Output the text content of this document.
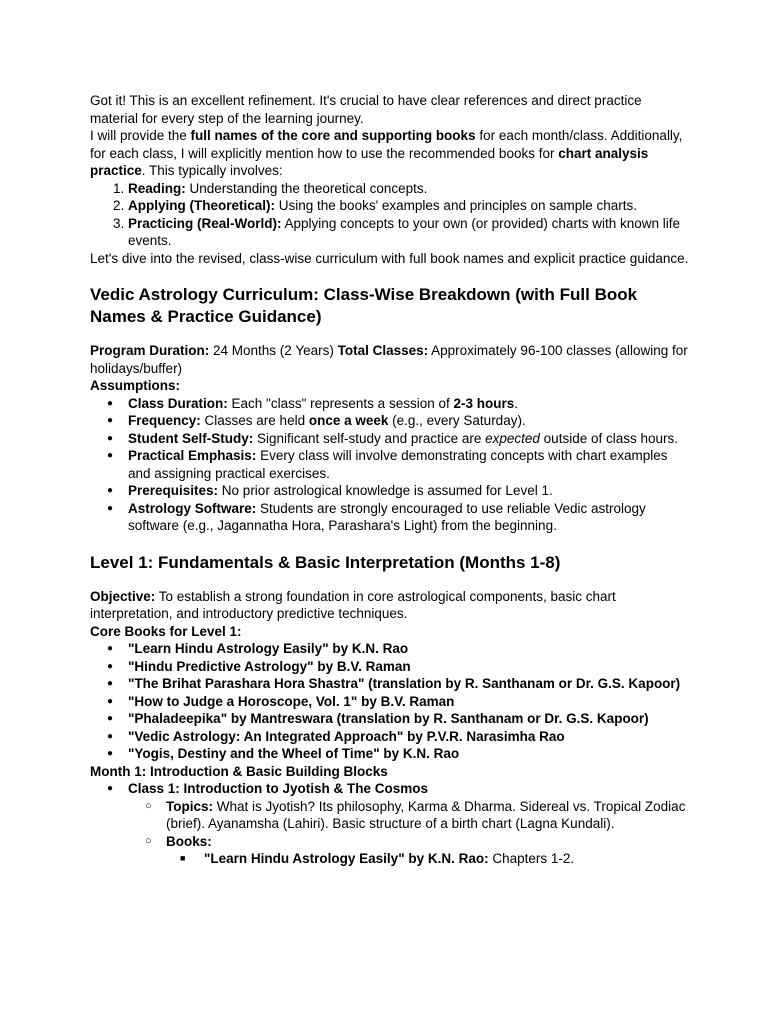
Got it! This is an excellent refinement. It's crucial to have clear references and direct practice material for every step of the learning journey.

I will provide the full names of the core and supporting books for each month/class. Additionally, for each class, I will explicitly mention how to use the recommended books for chart analysis practice. This typically involves:

1. Reading: Understanding the theoretical concepts.
2. Applying (Theoretical): Using the books' examples and principles on sample charts.
3. Practicing (Real-World): Applying concepts to your own (or provided) charts with known life events.

Let's dive into the revised, class-wise curriculum with full book names and explicit practice guidance.

Vedic Astrology Curriculum: Class-Wise Breakdown (with Full Book Names & Practice Guidance)

Program Duration: 24 Months (2 Years) Total Classes: Approximately 96-100 classes (allowing for holidays/buffer)

Assumptions:

● Class Duration: Each "class" represents a session of 2-3 hours.
● Frequency: Classes are held once a week (e.g., every Saturday).
● Student Self-Study: Significant self-study and practice are expected outside of class hours.
● Practical Emphasis: Every class will involve demonstrating concepts with chart examples and assigning practical exercises.
● Prerequisites: No prior astrological knowledge is assumed for Level 1.
● Astrology Software: Students are strongly encouraged to use reliable Vedic astrology software (e.g., Jagannatha Hora, Parashara's Light) from the beginning.
Level 1: Fundamentals & Basic Interpretation (Months 1-8)

Objective: To establish a strong foundation in core astrological components, basic chart interpretation, and introductory predictive techniques.

Core Books for Level 1:

● "Learn Hindu Astrology Easily" by K.N. Rao
● "Hindu Predictive Astrology" by B.V. Raman
● "The Brihat Parashara Hora Shastra" (translation by R. Santhanam or Dr. G.S. Kapoor)
● "How to Judge a Horoscope, Vol. 1" by B.V. Raman
● "Phaladeepika" by Mantreswara (translation by R. Santhanam or Dr. G.S. Kapoor)
● "Vedic Astrology: An Integrated Approach" by P.V.R. Narasimha Rao
● "Yogis, Destiny and the Wheel of Time" by K.N. Rao

Month 1: Introduction & Basic Building Blocks

● Class 1: Introduction to Jyotish & The Cosmos
○ Topics: What is Jyotish? Its philosophy, Karma & Dharma. Sidereal vs. Tropical Zodiac (brief). Ayanamsha (Lahiri). Basic structure of a birth chart (Lagna Kundali).
○ Books:
■ "Learn Hindu Astrology Easily" by K.N. Rao: Chapters 1-2.
